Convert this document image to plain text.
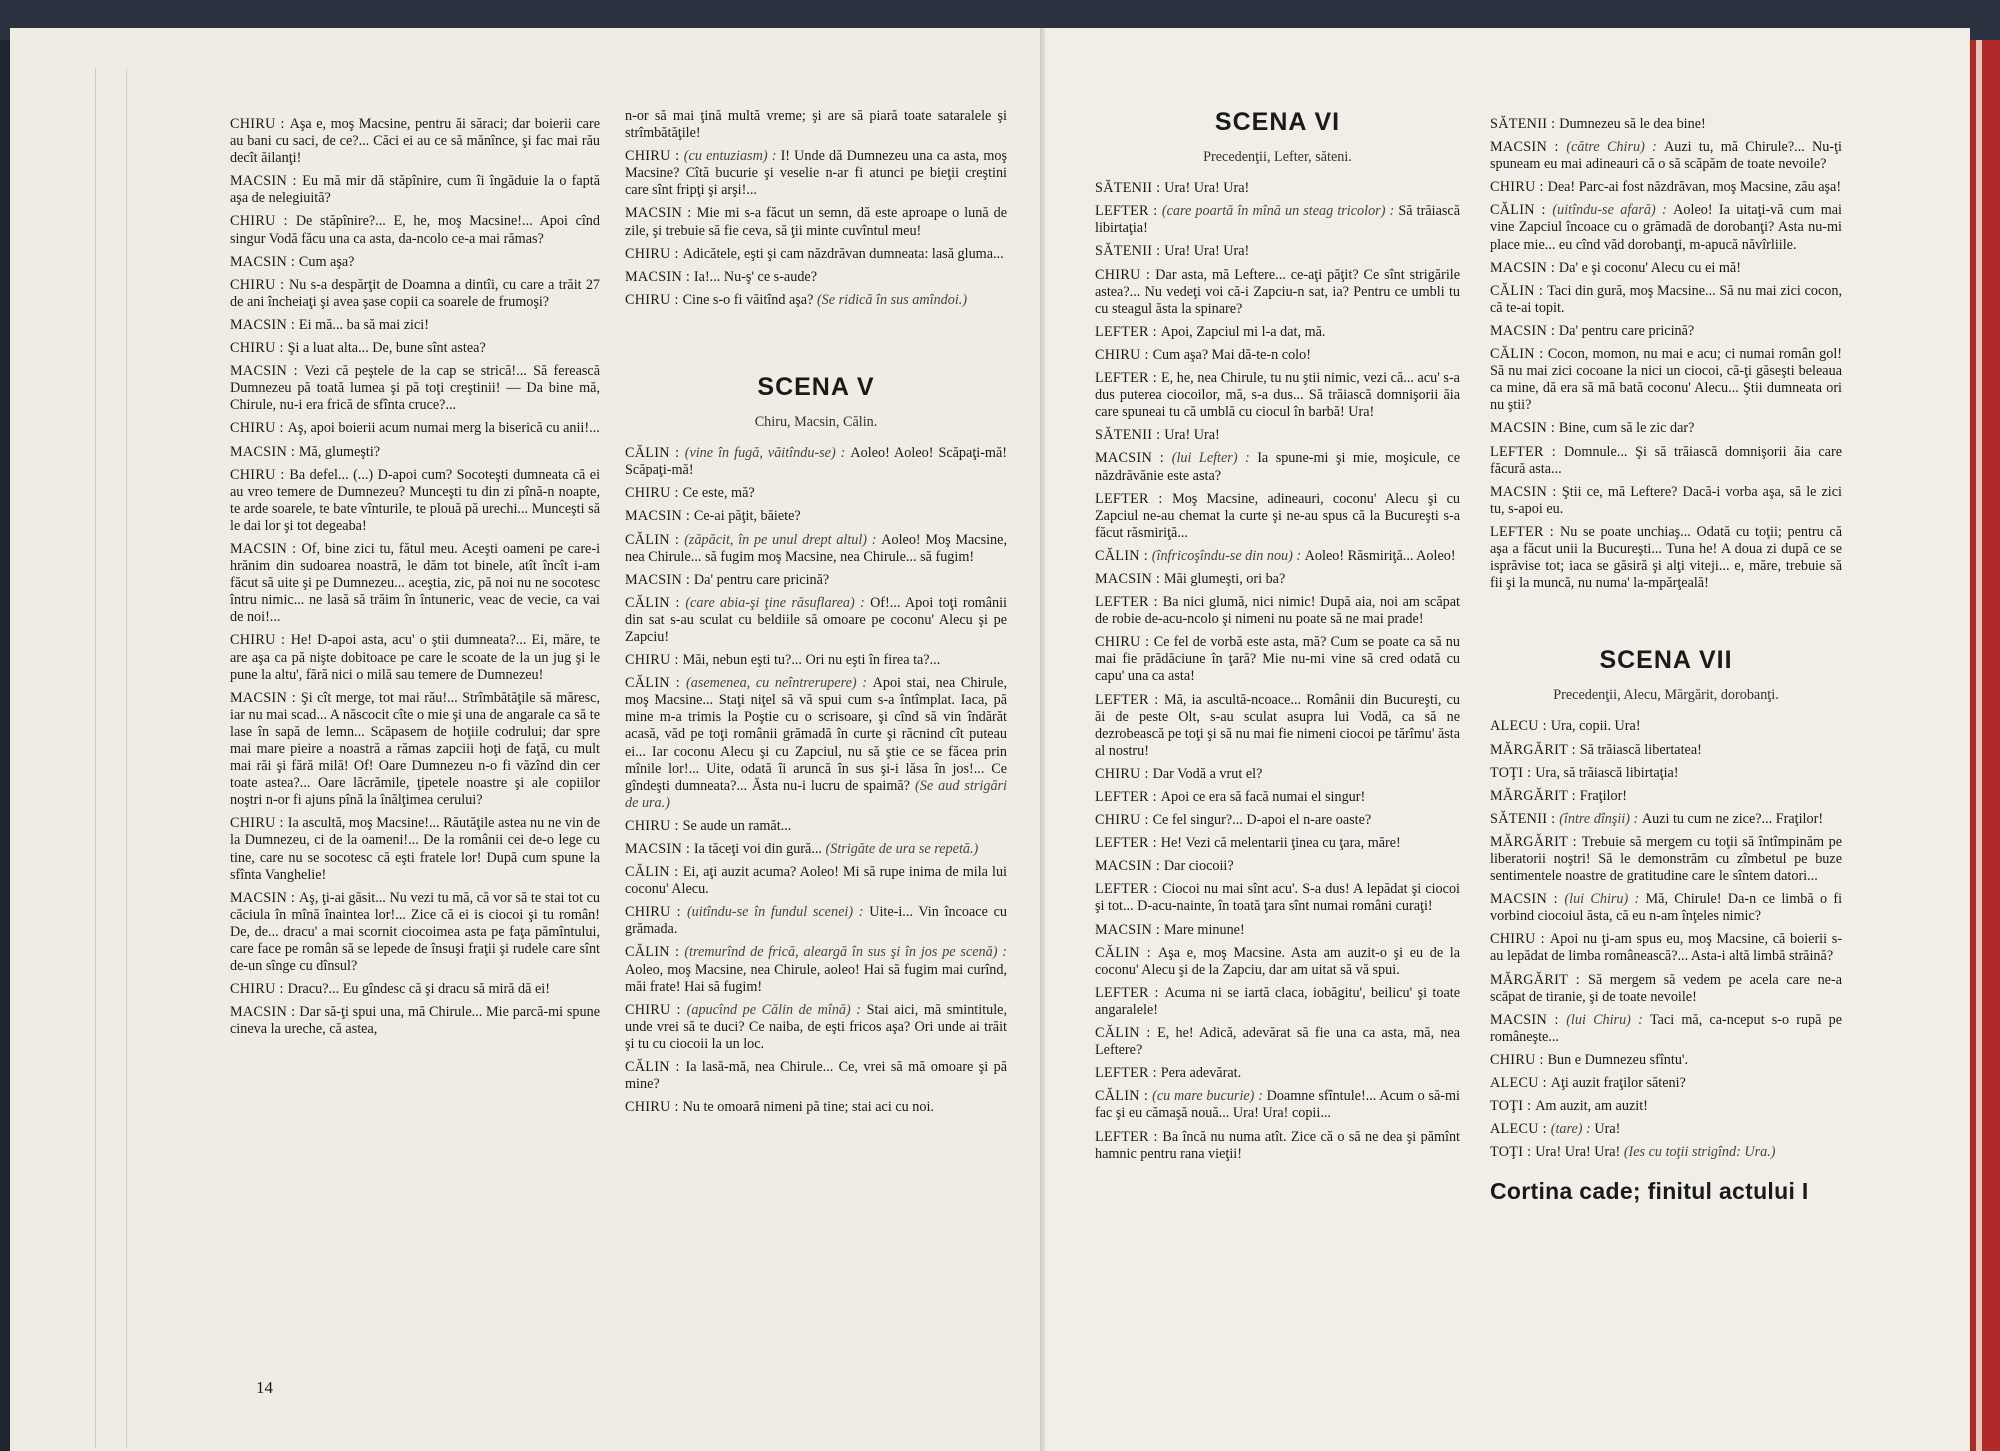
CHIRU : Aşa e, moş Macsine, pentru ăi săraci; dar boierii care au bani cu saci, de ce?... Căci ei au ce să mănînce, şi fac mai rău decît ăilanţi!

MACSIN : Eu mă mir dă stăpînire, cum îi îngăduie la o faptă aşa de nelegiuită?

CHIRU : De stăpînire?... E, he, moş Macsine!... Apoi cînd singur Vodă făcu una ca asta, da-ncolo ce-a mai rămas?

MACSIN : Cum aşa?

CHIRU : Nu s-a despărţit de Doamna a dintîi, cu care a trăit 27 de ani încheiaţi şi avea şase copii ca soarele de frumoşi?

MACSIN : Ei mă... ba să mai zici!

CHIRU : Şi a luat alta... De, bune sînt astea?

MACSIN : Vezi că peştele de la cap se strică!... Să ferească Dumnezeu pă toată lumea şi pă toţi creştinii! — Da bine mă, Chirule, nu-i era frică de sfînta cruce?...

CHIRU : Aş, apoi boierii acum numai merg la biserică cu anii!...

MACSIN : Mă, glumeşti?

CHIRU : Ba defel... (...) D-apoi cum? Socoteşti dumneata că ei au vreo temere de Dumnezeu? Munceşti tu din zi pînă-n noapte, te arde soarele, te bate vînturile, te plouă pă urechi... Munceşti să le dai lor şi tot degeaba!

MACSIN : Of, bine zici tu, fătul meu. Aceşti oameni pe care-i hrănim din sudoarea noastră, le dăm tot binele, atît încît i-am făcut să uite şi pe Dumnezeu... aceştia, zic, pă noi nu ne socotesc întru nimic... ne lasă să trăim în întuneric, veac de vecie, ca vai de noi!...

CHIRU : He! D-apoi asta, acu' o ştii dumneata?... Ei, măre, te are aşa ca pă nişte dobitoace pe care le scoate de la un jug şi le pune la altu', fără nici o milă sau temere de Dumnezeu!

MACSIN : Şi cît merge, tot mai rău!... Strîmbătăţile să măresc, iar nu mai scad... A născocit cîte o mie şi una de angarale ca să te lase în sapă de lemn... Scăpasem de hoţiile codrului; dar spre mai mare pieire a noastră a rămas zapciii hoţi de faţă, cu mult mai răi şi fără milă! Of! Oare Dumnezeu n-o fi văzînd din cer toate astea?... Oare lăcrămile, ţipetele noastre şi ale copiilor noştri n-or fi ajuns pînă la înălţimea cerului?

CHIRU : Ia ascultă, moş Macsine!... Răutăţile astea nu ne vin de la Dumnezeu, ci de la oameni!... De la românii cei de-o lege cu tine, care nu se socotesc că eşti fratele lor! După cum spune la sfînta Vanghelie!

MACSIN : Aş, ţi-ai găsit... Nu vezi tu mă, că vor să te stai tot cu căciula în mînă înaintea lor!... Zice că ei is ciocoi şi tu român! De, de... dracu' a mai scornit ciocoimea asta pe faţa pămîntului, care face pe român să se lepede de însuşi fraţii şi rudele care sînt de-un sînge cu dînsul?

CHIRU : Dracu?... Eu gîndesc că şi dracu să miră dă ei!

MACSIN : Dar să-ţi spui una, mă Chirule... Mie parcă-mi spune cineva la ureche, că astea,

n-or să mai ţină multă vreme; şi are să piară toate sataralele şi strîmbătăţile!

CHIRU : (cu entuziasm) : I! Unde dă Dumnezeu una ca asta, moş Macsine? Cîtă bucurie şi veselie n-ar fi atunci pe bieţii creştini care sînt fripţi şi arşi!...

MACSIN : Mie mi s-a făcut un semn, dă este aproape o lună de zile, şi trebuie să fie ceva, să ţii minte cuvîntul meu!

CHIRU : Adicătele, eşti şi cam năzdrăvan dumneata: lasă gluma...

MACSIN : Ia!... Nu-ş' ce s-aude?

CHIRU : Cine s-o fi văitînd aşa? (Se ridică în sus amîndoi.)

SCENA V
Chiru, Macsin, Călin.

CĂLIN : (vine în fugă, văitîndu-se) : Aoleo! Aoleo! Scăpaţi-mă! Scăpaţi-mă!

CHIRU : Ce este, mă?

MACSIN : Ce-ai păţit, băiete?

CĂLIN : (zăpăcit, în pe unul drept altul) : Aoleo! Moş Macsine, nea Chirule... să fugim moş Macsine, nea Chirule... să fugim!

MACSIN : Da' pentru care pricină?

CĂLIN : (care abia-şi ţine răsuflarea) : Of!... Apoi toţi românii din sat s-au sculat cu beldiile să omoare pe coconu' Alecu şi pe Zapciu!

CHIRU : Măi, nebun eşti tu?... Ori nu eşti în firea ta?...

CĂLIN : (asemenea, cu neîntrerupere) : Apoi stai, nea Chirule, moş Macsine... Staţi niţel să vă spui cum s-a întîmplat. Iaca, pă mine m-a trimis la Poştie cu o scrisoare, şi cînd să vin îndărăt acasă, văd pe toţi românii grămadă în curte şi răcnind cît puteau ei... Iar coconu Alecu şi cu Zapciul, nu să ştie ce se făcea prin mînile lor!... Uite, odată îi aruncă în sus şi-i lăsa în jos!... Ce gîndeşti dumneata?... Ăsta nu-i lucru de spaimă? (Se aud strigări de ura.)

CHIRU : Se aude un ramăt...

MACSIN : Ia tăceţi voi din gură... (Strigăte de ura se repetă.)

CĂLIN : Ei, aţi auzit acuma? Aoleo! Mi să rupe inima de mila lui coconu' Alecu.

CHIRU : (uitîndu-se în fundul scenei) : Uite-i... Vin încoace cu grămada.

CĂLIN : (tremurînd de frică, aleargă în sus şi în jos pe scenă) : Aoleo, moş Macsine, nea Chirule, aoleo! Hai să fugim mai curînd, măi frate! Hai să fugim!

CHIRU : (apucînd pe Călin de mînă) : Stai aici, mă smintitule, unde vrei să te duci? Ce naiba, de eşti fricos aşa? Ori unde ai trăit şi tu cu ciocoii la un loc.

CĂLIN : Ia lasă-mă, nea Chirule... Ce, vrei să mă omoare şi pă mine?

CHIRU : Nu te omoară nimeni pă tine; stai aci cu noi.

14
SCENA VI
Precedenţii, Lefter, săteni.

SĂTENII : Ura! Ura! Ura!

LEFTER : (care poartă în mînă un steag tricolor) : Să trăiască libirtaţia!

SĂTENII : Ura! Ura! Ura!

CHIRU : Dar asta, mă Leftere... ce-aţi păţit? Ce sînt strigările astea?... Nu vedeţi voi că-i Zapciu-n sat, ia? Pentru ce umbli tu cu steagul ăsta la spinare?

LEFTER : Apoi, Zapciul mi l-a dat, mă.

CHIRU : Cum aşa? Mai dă-te-n colo!

LEFTER : E, he, nea Chirule, tu nu ştii nimic, vezi că... acu' s-a dus puterea ciocoilor, mă, s-a dus... Să trăiască domnişorii ăia care spuneai tu că umblă cu ciocul în barbă! Ura!

SĂTENII : Ura! Ura!

MACSIN : (lui Lefter) : Ia spune-mi şi mie, moşicule, ce năzdrăvănie este asta?

LEFTER : Moş Macsine, adineauri, coconu' Alecu şi cu Zapciul ne-au chemat la curte şi ne-au spus că la Bucureşti s-a făcut răsmiriţă...

CĂLIN : (înfricoşîndu-se din nou) : Aoleo! Răsmiriţă... Aoleo!

MACSIN : Măi glumeşti, ori ba?

LEFTER : Ba nici glumă, nici nimic! După aia, noi am scăpat de robie de-acu-ncolo şi nimeni nu poate să ne mai prade!

CHIRU : Ce fel de vorbă este asta, mă? Cum se poate ca să nu mai fie prădăciune în ţară? Mie nu-mi vine să cred odată cu capu' una ca asta!

LEFTER : Mă, ia ascultă-ncoace... Românii din Bucureşti, cu ăi de peste Olt, s-au sculat asupra lui Vodă, ca să ne dezrobească pe toţi şi să nu mai fie nimeni ciocoi pe tărîmu' ăsta al nostru!

CHIRU : Dar Vodă a vrut el?

LEFTER : Apoi ce era să facă numai el singur!

CHIRU : Ce fel singur?... D-apoi el n-are oaste?

LEFTER : He! Vezi că melentarii ţinea cu ţara, măre!

MACSIN : Dar ciocoii?

LEFTER : Ciocoi nu mai sînt acu'. S-a dus! A lepădat şi ciocoi şi tot... D-acu-nainte, în toată ţara sînt numai români curaţi!

MACSIN : Mare minune!

CĂLIN : Aşa e, moş Macsine. Asta am auzit-o şi eu de la coconu' Alecu şi de la Zapciu, dar am uitat să vă spui.

LEFTER : Acuma ni se iartă claca, iobăgitu', beilicu' şi toate angaralele!

CĂLIN : E, he! Adică, adevărat să fie una ca asta, mă, nea Leftere?

LEFTER : Pera adevărat.

CĂLIN : (cu mare bucurie) : Doamne sfîntule!... Acum o să-mi fac şi eu cămaşă nouă... Ura! Ura! copii...

LEFTER : Ba încă nu numa atît. Zice că o să ne dea şi pămînt hamnic pentru rana vieţii!

SĂTENII : Dumnezeu să le dea bine!

MACSIN : (către Chiru) : Auzi tu, mă Chirule?... Nu-ţi spuneam eu mai adineauri că o să scăpăm de toate nevoile?

CHIRU : Dea! Parc-ai fost năzdrăvan, moş Macsine, zău aşa!

CĂLIN : (uitîndu-se afară) : Aoleo! Ia uitaţi-vă cum mai vine Zapciul încoace cu o grămadă de dorobanţi? Asta nu-mi place mie... eu cînd văd dorobanţi, m-apucă năvîrliile.

MACSIN : Da' e şi coconu' Alecu cu ei mă!

CĂLIN : Taci din gură, moş Macsine... Să nu mai zici cocon, că te-ai topit.

MACSIN : Da' pentru care pricină?

CĂLIN : Cocon, momon, nu mai e acu; ci numai român gol! Să nu mai zici cocoane la nici un ciocoi, că-ţi găseşti beleaua ca mine, dă era să mă bată coconu' Alecu... Ştii dumneata ori nu ştii?

MACSIN : Bine, cum să le zic dar?

LEFTER : Domnule... Şi să trăiască domnişorii ăia care făcură asta...

MACSIN : Ştii ce, mă Leftere? Dacă-i vorba aşa, să le zici tu, s-apoi eu.

LEFTER : Nu se poate unchiaş... Odată cu toţii; pentru că aşa a făcut unii la Bucureşti... Tuna he! A doua zi după ce se isprăvise tot; iaca se găsiră şi alţi viteji... e, măre, trebuie să fii şi la muncă, nu numa' la-mpărţeală!

SCENA VII
Precedenţii, Alecu, Mărgărit, dorobanţi.

ALECU : Ura, copii. Ura!

MĂRGĂRIT : Să trăiască libertatea!

TOŢI : Ura, să trăiască libirtaţia!

MĂRGĂRIT : Fraţilor!

SĂTENII : (între dînşii) : Auzi tu cum ne zice?... Fraţilor!

MĂRGĂRIT : Trebuie să mergem cu toţii să întîmpinăm pe liberatorii noştri! Să le demonstrăm cu zîmbetul pe buze sentimentele noastre de gratitudine care le sîntem datori...

MACSIN : (lui Chiru) : Mă, Chirule! Da-n ce limbă o fi vorbind ciocoiul ăsta, că eu n-am înţeles nimic?

CHIRU : Apoi nu ţi-am spus eu, moş Macsine, că boierii s-au lepădat de limba românească?... Asta-i altă limbă străină?

MĂRGĂRIT : Să mergem să vedem pe acela care ne-a scăpat de tiranie, şi de toate nevoile!

MACSIN : (lui Chiru) : Taci mă, ca-nceput s-o rupă pe româneşte...

CHIRU : Bun e Dumnezeu sfîntu'.

ALECU : Aţi auzit fraţilor săteni?

TOŢI : Am auzit, am auzit!

ALECU : (tare) : Ura!

TOŢI : Ura! Ura! Ura! (Ies cu toţii strigînd: Ura.)

Cortina cade; finitul actului I
